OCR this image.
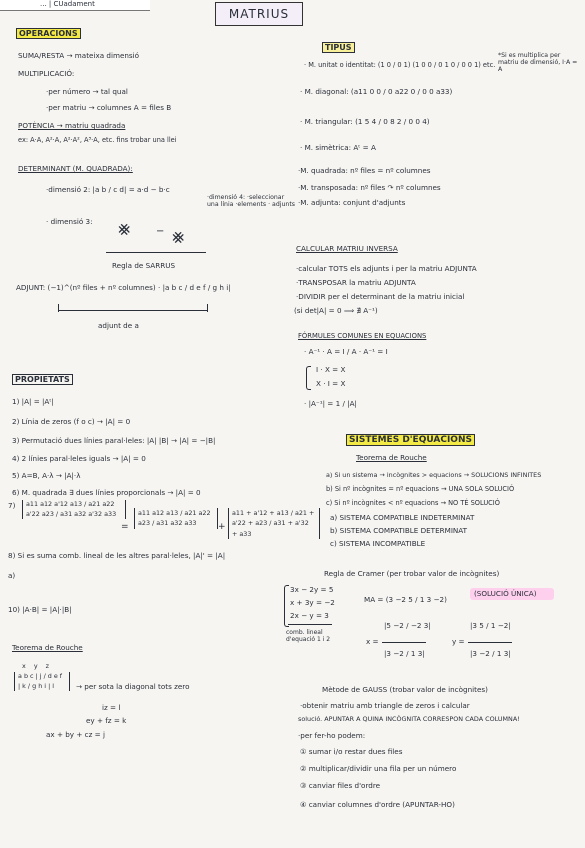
... | CUadament
MATRIUS
OPERACIONS
SUMA/RESTA → mateixa dimensió
MULTIPLICACIÓ:
·per número → tal qual
·per matriu → columnes A = files B
POTÈNCIA → matriu quadrada
ex: A·A, A²·A, A²·A², A³·A, etc. fins trobar una llei
DETERMINANT (M. QUADRADA):
·dimensió 2: |a b / c d| = a·d − b·c
·dimensió 4: ·seleccionar una línia ·elements · adjunts
· dimensió 3: ⨳	− ⨳
Regla de SARRUS
ADJUNT: (−1)^(nº files + nº columnes) · |a b c / d e f / g h i|
adjunt de a
PROPIETATS
1) |A| = |Aᵗ|
2) Línia de zeros (f o c) → |A| = 0
3) Permutació dues línies paral·leles: |A| |B| → |A| = −|B|
4) 2 línies paral·leles iguals → |A| = 0
5) A=B, A·λ → |A|·λ
6) M. quadrada ∃ dues línies proporcionals → |A| = 0
7)	a11 a12 a'12 a13 / a21 a22 a'22 a23 / a31 a32 a'32 a33
=
a11 a12 a13 / a21 a22 a23 / a31 a32 a33	+
a11 + a'12 + a13 / a21 + a'22 + a23 / a31 + a'32 + a33
8) Si es suma comb. lineal de les altres paral·leles, |A|' = |A|
a)
10) |A·B| = |A|·|B|
Teorema de Rouche
x y z
a b c | j / d e f | k / g h i | l	→ per sota la diagonal tots zero
iz = l
ey + fz = k
ax + by + cz = j
TIPUS
· M. unitat o identitat: (1 0 / 0 1) (1 0 0 / 0 1 0 / 0 0 1) etc.
*Si es multiplica per matriu de dimensió, I·A = A
· M. diagonal: (a11 0 0 / 0 a22 0 / 0 0 a33)
· M. triangular: (1 5 4 / 0 8 2 / 0 0 4)
· M. simètrica: Aᵗ = A
·M. quadrada: nº files = nº columnes
·M. transposada: nº files ↷ nº columnes
·M. adjunta: conjunt d'adjunts
CALCULAR MATRIU INVERSA
·calcular TOTS els adjunts i per la matriu ADJUNTA
·TRANSPOSAR la matriu ADJUNTA
·DIVIDIR per el determinant de la matriu inicial
(si det|A| = 0 ⟹ ∄ A⁻¹)
FÓRMULES COMUNES EN EQUACIONS
· A⁻¹ · A = I / A · A⁻¹ = I
I · X = X
X · I = X
· |A⁻¹| = 1 / |A|
SISTEMES D'EQUACIONS
Teorema de Rouche
a) Si un sistema → incògnites > equacions → SOLUCIONS INFINITES
b) Si nº incògnites = nº equacions → UNA SOLA SOLUCIÓ
c) Si nº incògnites < nº equacions → NO TÉ SOLUCIÓ
a) SISTEMA COMPATIBLE INDETERMINAT
b) SISTEMA COMPATIBLE DETERMINAT
c) SISTEMA INCOMPATIBLE
Regla de Cramer (per trobar valor de incògnites)
3x − 2y = 5
x + 3y = −2
2x − y = 3
comb. lineal d'equació 1 i 2
MA = (3 −2 5 / 1 3 −2)
(SOLUCIÓ ÚNICA)
x =
|5 −2 / −2 3|
|3 −2 / 1 3|
y =
|3 5 / 1 −2|
|3 −2 / 1 3|
Mètode de GAUSS (trobar valor de incògnites)
·obtenir matriu amb triangle de zeros i calcular
solució. APUNTAR A QUINA INCÒGNITA CORRESPON CADA COLUMNA!
·per fer-ho podem:
① sumar i/o restar dues files
② multiplicar/dividir una fila per un número
③ canviar files d'ordre
④ canviar columnes d'ordre (APUNTAR-HO)
